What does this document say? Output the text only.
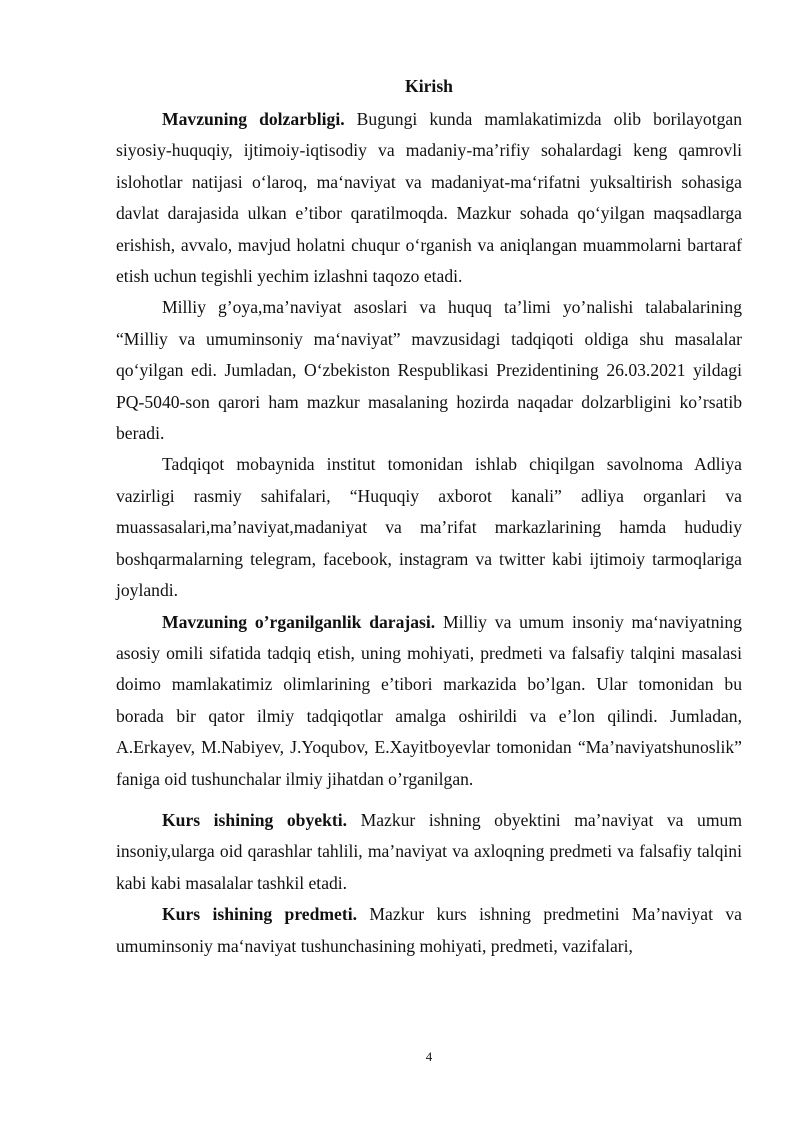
Kirish

Mavzuning dolzarbligi. Bugungi kunda mamlakatimizda olib borilayotgan siyosiy-huquqiy, ijtimoiy-iqtisodiy va madaniy-ma’rifiy sohalardagi keng qamrovli islohotlar natijasi o‘laroq, ma‘naviyat va madaniyat-ma‘rifatni yuksaltirish sohasiga davlat darajasida ulkan e’tibor qaratilmoqda. Mazkur sohada qo‘yilgan maqsadlarga erishish, avvalo, mavjud holatni chuqur o‘rganish va aniqlangan muammolarni bartaraf etish uchun tegishli yechim izlashni taqozo etadi.

Milliy g’oya,ma’naviyat asoslari va huquq ta’limi yo’nalishi talabalarining “Milliy va umuminsoniy ma‘naviyat” mavzusidagi tadqiqoti oldiga shu masalalar qo‘yilgan edi. Jumladan, O‘zbekiston Respublikasi Prezidentining 26.03.2021 yildagi PQ-5040-son qarori ham mazkur masalaning hozirda naqadar dolzarbligini ko’rsatib beradi.

Tadqiqot mobaynida institut tomonidan ishlab chiqilgan savolnoma Adliya vazirligi rasmiy sahifalari, “Huquqiy axborot kanali” adliya organlari va muassasalari,ma’naviyat,madaniyat va ma’rifat markazlarining hamda hududiy boshqarmalarning telegram, facebook, instagram va twitter kabi ijtimoiy tarmoqlariga joylandi.

Mavzuning o’rganilganlik darajasi. Milliy va umum insoniy ma‘naviyatning asosiy omili sifatida tadqiq etish, uning mohiyati, predmeti va falsafiy talqini masalasi doimo mamlakatimiz olimlarining e’tibori markazida bo’lgan. Ular tomonidan bu borada bir qator ilmiy tadqiqotlar amalga oshirildi va e’lon qilindi. Jumladan, A.Erkayev, M.Nabiyev, J.Yoqubov, E.Xayitboyevlar tomonidan “Ma’naviyatshunoslik” faniga oid tushunchalar ilmiy jihatdan o’rganilgan.

Kurs ishining obyekti. Mazkur ishning obyektini ma’naviyat va umum insoniy,ularga oid qarashlar tahlili, ma’naviyat va axloqning predmeti va falsafiy talqini kabi kabi masalalar tashkil etadi.

Kurs ishining predmeti. Mazkur kurs ishning predmetini Ma’naviyat va umuminsoniy ma‘naviyat tushunchasining mohiyati, predmeti, vazifalari,

4
